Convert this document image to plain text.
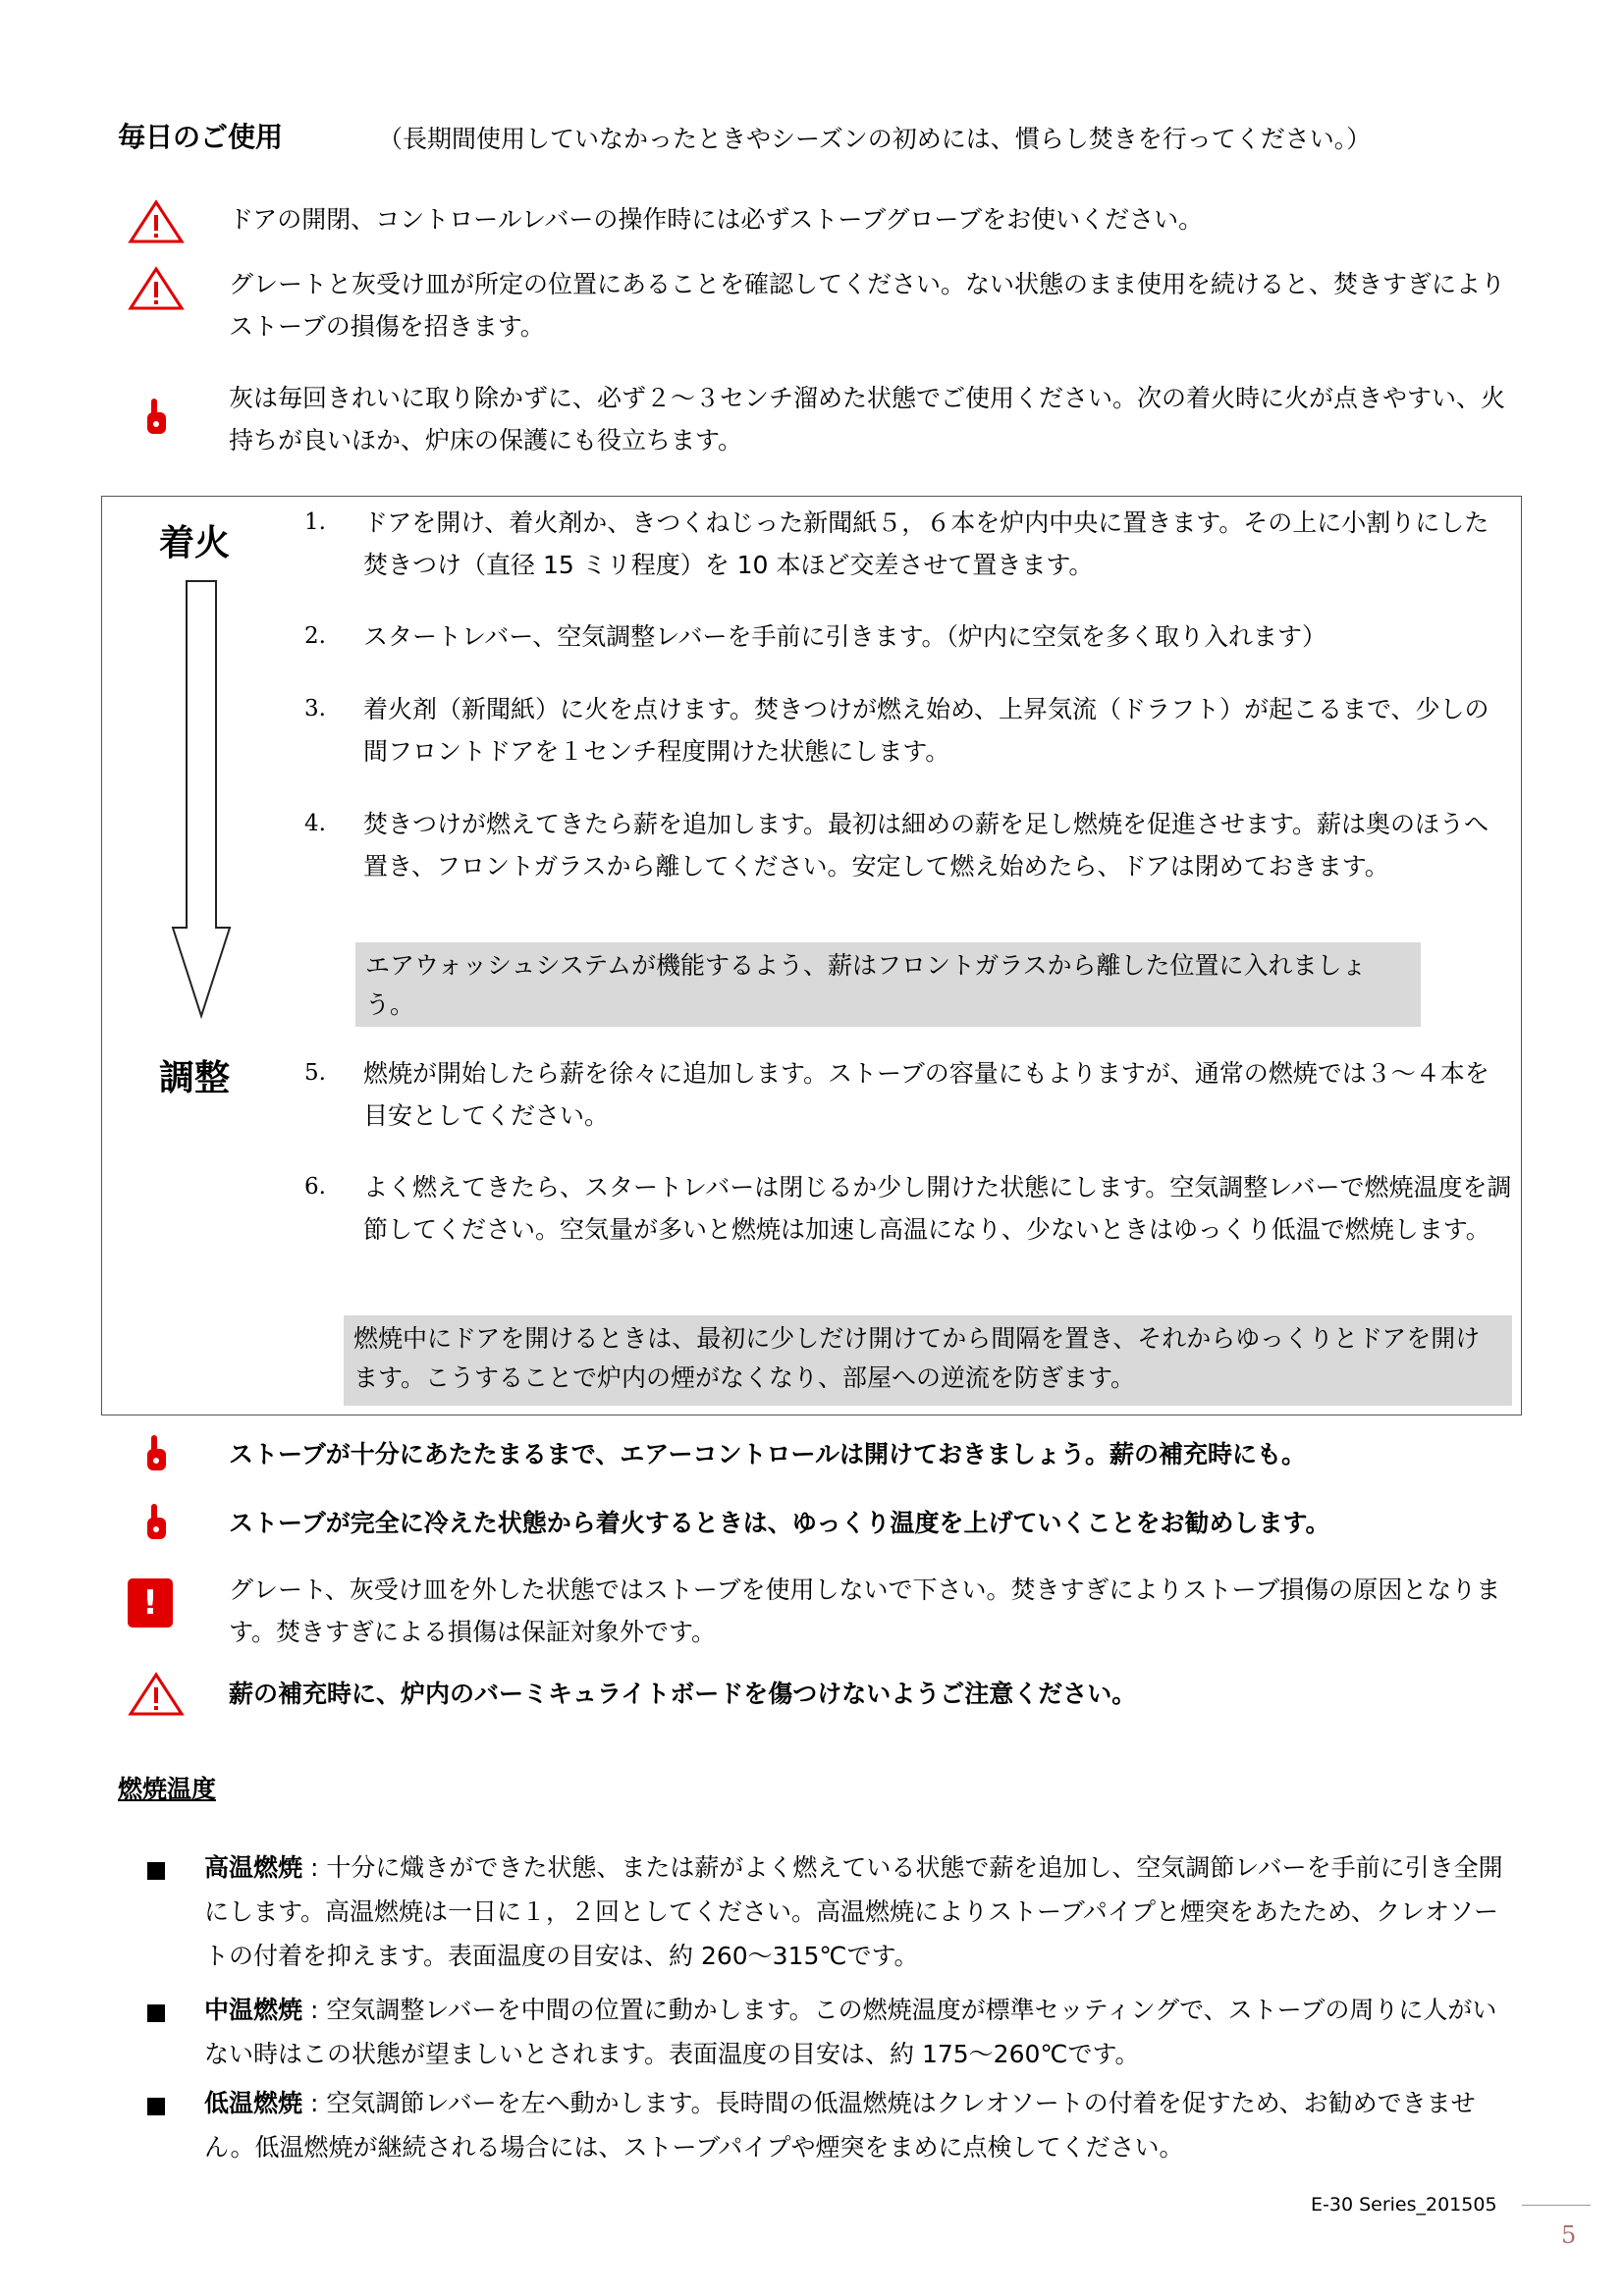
毎日のご使用	（長期間使用していなかったときやシーズンの初めには、慣らし焚きを行ってください。）
ドアの開閉、コントロールレバーの操作時には必ずストーブグローブをお使いください。
グレートと灰受け皿が所定の位置にあることを確認してください。ない状態のまま使用を続けると、焚きすぎによりストーブの損傷を招きます。
灰は毎回きれいに取り除かずに、必ず２～３センチ溜めた状態でご使用ください。次の着火時に火が点きやすい、火持ちが良いほか、炉床の保護にも役立ちます。
着火
調整
1.	ドアを開け、着火剤か、きつくねじった新聞紙５，６本を炉内中央に置きます。その上に小割りにした焚きつけ（直径 15 ミリ程度）を 10 本ほど交差させて置きます。
2.	スタートレバー、空気調整レバーを手前に引きます。（炉内に空気を多く取り入れます）
3.	着火剤（新聞紙）に火を点けます。焚きつけが燃え始め、上昇気流（ドラフト）が起こるまで、少しの間フロントドアを１センチ程度開けた状態にします。
4.	焚きつけが燃えてきたら薪を追加します。最初は細めの薪を足し燃焼を促進させます。薪は奥のほうへ置き、フロントガラスから離してください。安定して燃え始めたら、ドアは閉めておきます。
エアウォッシュシステムが機能するよう、薪はフロントガラスから離した位置に入れましょう。
5.	燃焼が開始したら薪を徐々に追加します。ストーブの容量にもよりますが、通常の燃焼では３～４本を目安としてください。
6.	よく燃えてきたら、スタートレバーは閉じるか少し開けた状態にします。空気調整レバーで燃焼温度を調節してください。空気量が多いと燃焼は加速し高温になり、少ないときはゆっくり低温で燃焼します。
燃焼中にドアを開けるときは、最初に少しだけ開けてから間隔を置き、それからゆっくりとドアを開けます。こうすることで炉内の煙がなくなり、部屋への逆流を防ぎます。
ストーブが十分にあたたまるまで、エアーコントロールは開けておきましょう。薪の補充時にも。
ストーブが完全に冷えた状態から着火するときは、ゆっくり温度を上げていくことをお勧めします。
!	グレート、灰受け皿を外した状態ではストーブを使用しないで下さい。焚きすぎによりストーブ損傷の原因となります。焚きすぎによる損傷は保証対象外です。
薪の補充時に、炉内のバーミキュライトボードを傷つけないようご注意ください。
燃焼温度
高温燃焼 : 十分に熾きができた状態、または薪がよく燃えている状態で薪を追加し、空気調節レバーを手前に引き全開にします。高温燃焼は一日に１，２回としてください。高温燃焼によりストーブパイプと煙突をあたため、クレオソートの付着を抑えます。表面温度の目安は、約 260～315℃です。
中温燃焼 : 空気調整レバーを中間の位置に動かします。この燃焼温度が標準セッティングで、ストーブの周りに人がいない時はこの状態が望ましいとされます。表面温度の目安は、約 175～260℃です。
低温燃焼 : 空気調節レバーを左へ動かします。長時間の低温燃焼はクレオソートの付着を促すため、お勧めできません。低温燃焼が継続される場合には、ストーブパイプや煙突をまめに点検してください。
E-30 Series_201505
5
